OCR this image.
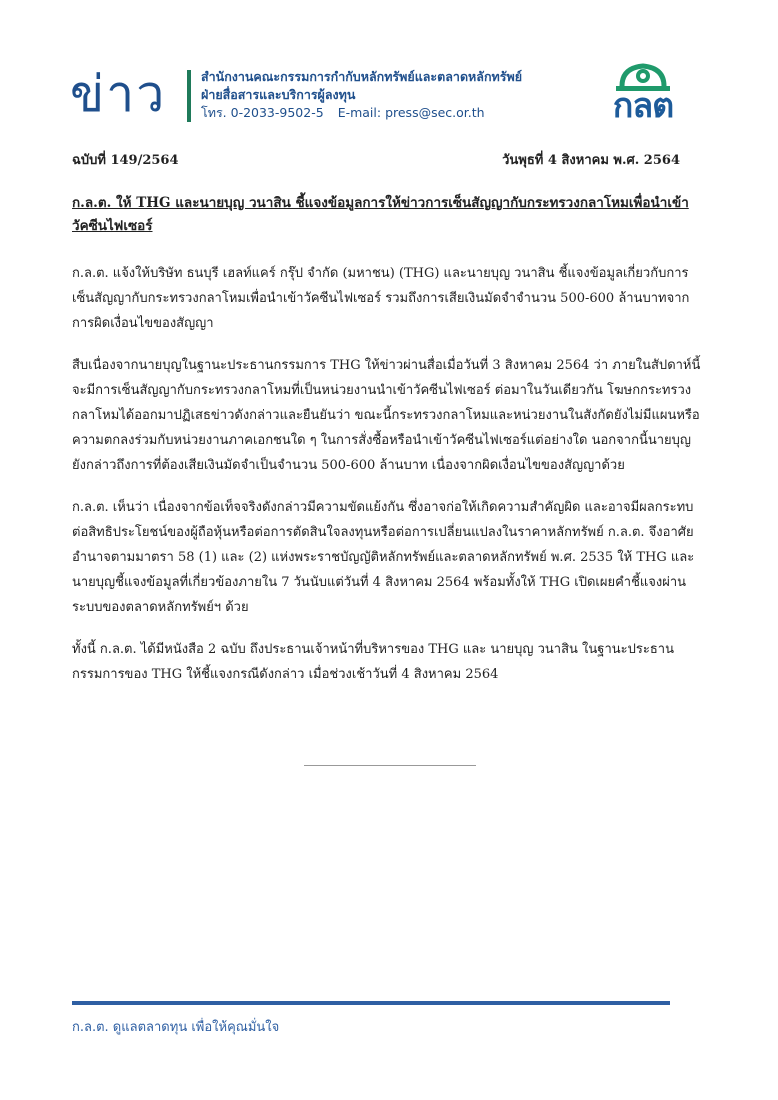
ข่าว	สำนักงานคณะกรรมการกำกับหลักทรัพย์และตลาดหลักทรัพย์
ฝ่ายสื่อสารและบริการผู้ลงทุน
โทร. 0-2033-9502-5 E-mail: press@sec.or.th	กลต
ฉบับที่ 149/2564	วันพุธที่ 4 สิงหาคม พ.ศ. 2564
ก.ล.ต. ให้ THG และนายบุญ วนาสิน ชี้แจงข้อมูลการให้ข่าวการเซ็นสัญญากับกระทรวงกลาโหมเพื่อนำเข้าวัคซีนไฟเซอร์

ก.ล.ต. แจ้งให้บริษัท ธนบุรี เฮลท์แคร์ กรุ๊ป จำกัด (มหาชน) (THG) และนายบุญ วนาสิน ชี้แจงข้อมูลเกี่ยวกับการเซ็นสัญญากับกระทรวงกลาโหมเพื่อนำเข้าวัคซีนไฟเซอร์ รวมถึงการเสียเงินมัดจำจำนวน 500-600 ล้านบาทจากการผิดเงื่อนไขของสัญญา

สืบเนื่องจากนายบุญในฐานะประธานกรรมการ THG ให้ข่าวผ่านสื่อเมื่อวันที่ 3 สิงหาคม 2564 ว่า ภายในสัปดาห์นี้จะมีการเซ็นสัญญากับกระทรวงกลาโหมที่เป็นหน่วยงานนำเข้าวัคซีนไฟเซอร์ ต่อมาในวันเดียวกัน โฆษกกระทรวงกลาโหมได้ออกมาปฏิเสธข่าวดังกล่าวและยืนยันว่า ขณะนี้กระทรวงกลาโหมและหน่วยงานในสังกัดยังไม่มีแผนหรือความตกลงร่วมกับหน่วยงานภาคเอกชนใด ๆ ในการสั่งซื้อหรือนำเข้าวัคซีนไฟเซอร์แต่อย่างใด นอกจากนี้นายบุญยังกล่าวถึงการที่ต้องเสียเงินมัดจำเป็นจำนวน 500-600 ล้านบาท เนื่องจากผิดเงื่อนไขของสัญญาด้วย

ก.ล.ต. เห็นว่า เนื่องจากข้อเท็จจริงดังกล่าวมีความขัดแย้งกัน ซึ่งอาจก่อให้เกิดความสำคัญผิด และอาจมีผลกระทบต่อสิทธิประโยชน์ของผู้ถือหุ้นหรือต่อการตัดสินใจลงทุนหรือต่อการเปลี่ยนแปลงในราคาหลักทรัพย์ ก.ล.ต. จึงอาศัยอำนาจตามมาตรา 58 (1) และ (2) แห่งพระราชบัญญัติหลักทรัพย์และตลาดหลักทรัพย์ พ.ศ. 2535 ให้ THG และนายบุญชี้แจงข้อมูลที่เกี่ยวข้องภายใน 7 วันนับแต่วันที่ 4 สิงหาคม 2564 พร้อมทั้งให้ THG เปิดเผยคำชี้แจงผ่านระบบของตลาดหลักทรัพย์ฯ ด้วย

ทั้งนี้ ก.ล.ต. ได้มีหนังสือ 2 ฉบับ ถึงประธานเจ้าหน้าที่บริหารของ THG และ นายบุญ วนาสิน ในฐานะประธานกรรมการของ THG ให้ชี้แจงกรณีดังกล่าว เมื่อช่วงเช้าวันที่ 4 สิงหาคม 2564

ก.ล.ต. ดูแลตลาดทุน เพื่อให้คุณมั่นใจ
